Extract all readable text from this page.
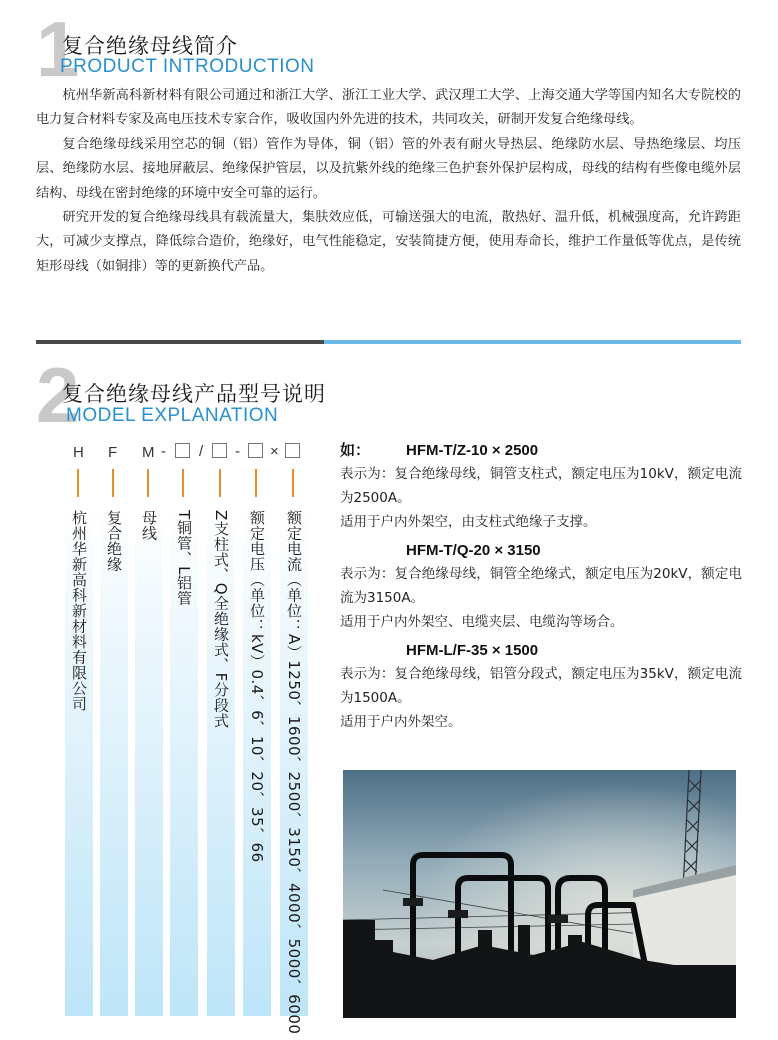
1
复合绝缘母线简介
PRODUCT INTRODUCTION

杭州华新高科新材料有限公司通过和浙江大学、浙江工业大学、武汉理工大学、上海交通大学等国内知名大专院校的电力复合材料专家及高电压技术专家合作，吸收国内外先进的技术，共同攻关，研制开发复合绝缘母线。

复合绝缘母线采用空芯的铜（铝）管作为导体，铜（铝）管的外表有耐火导热层、绝缘防水层、导热绝缘层、均压层、绝缘防水层、接地屏蔽层、绝缘保护管层，以及抗紫外线的绝缘三色护套外保护层构成，母线的结构有些像电缆外层结构、母线在密封绝缘的环境中安全可靠的运行。

研究开发的复合绝缘母线具有载流量大，集肤效应低，可输送强大的电流，散热好、温升低，机械强度高，允许跨距大，可减少支撑点，降低综合造价，绝缘好，电气性能稳定，安装简捷方便，使用寿命长，维护工作量低等优点，是传统矩形母线（如铜排）等的更新换代产品。

2
复合绝缘母线产品型号说明
MODEL EXPLANATION
H F M - / - ×
杭州华新高科新材料有限公司 复合绝缘 母线 T铜管、L铝管 Z支柱式、Q全绝缘式、F分段式 额定电压（单位：kV）0.4、6、10、20、35、66 额定电流（单位：A）1250、1600、2500、3150、4000、5000、6000
如： HFM-T/Z-10 × 2500

表示为：复合绝缘母线，铜管支柱式，额定电压为10kV，额定电流为2500A。

适用于户内外架空，由支柱式绝缘子支撑。

HFM-T/Q-20 × 3150

表示为：复合绝缘母线，铜管全绝缘式，额定电压为20kV，额定电流为3150A。

适用于户内外架空、电缆夹层、电缆沟等场合。

HFM-L/F-35 × 1500

表示为：复合绝缘母线，铝管分段式，额定电压为35kV，额定电流为1500A。

适用于户内外架空。
